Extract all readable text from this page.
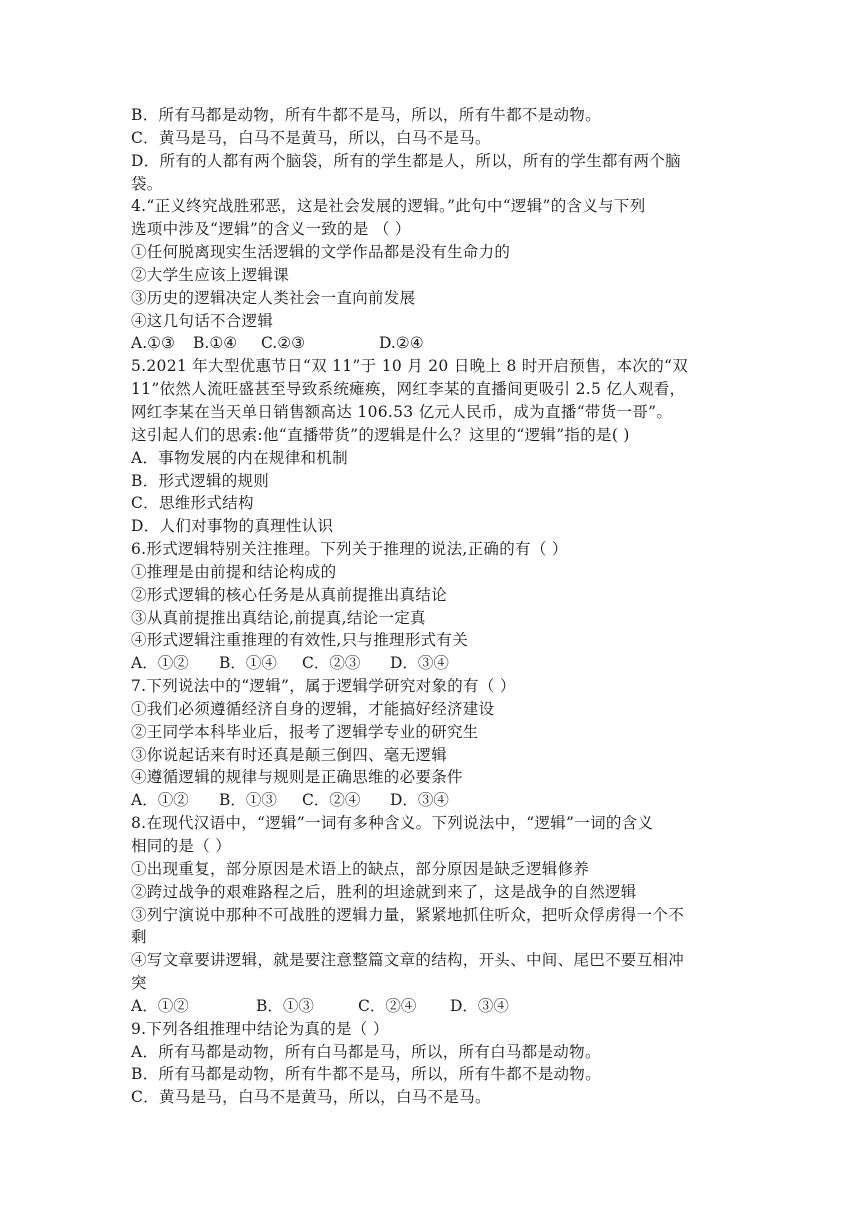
B．所有马都是动物，所有牛都不是马，所以，所有牛都不是动物。
C．黄马是马，白马不是黄马，所以，白马不是马。
D．所有的人都有两个脑袋，所有的学生都是人，所以，所有的学生都有两个脑
袋。
4.“正义终究战胜邪恶，这是社会发展的逻辑。”此句中“逻辑”的含义与下列
选项中涉及“逻辑”的含义一致的是 （ ）
①任何脱离现实生活逻辑的文学作品都是没有生命力的
②大学生应该上逻辑课
③历史的逻辑决定人类社会一直向前发展
④这几句话不合逻辑
A.①③	B.①④	C.②③	D.②④
5.2021 年大型优惠节日“双 11”于 10 月 20 日晚上 8 时开启预售，本次的“双
11”依然人流旺盛甚至导致系统瘫痪，网红李某的直播间更吸引 2.5 亿人观看，
网红李某在当天单日销售额高达 106.53 亿元人民币，成为直播“带货一哥”。
这引起人们的思索:他“直播带货”的逻辑是什么？这里的“逻辑”指的是( )
A．事物发展的内在规律和机制
B．形式逻辑的规则
C．思维形式结构
D．人们对事物的真理性认识
6.形式逻辑特别关注推理。下列关于推理的说法,正确的有（ ）
①推理是由前提和结论构成的
②形式逻辑的核心任务是从真前提推出真结论
③从真前提推出真结论,前提真,结论一定真
④形式逻辑注重推理的有效性,只与推理形式有关
A．①②	B．①④	C．②③	D．③④
7.下列说法中的“逻辑”，属于逻辑学研究对象的有（ ）
①我们必须遵循经济自身的逻辑，才能搞好经济建设
②王同学本科毕业后，报考了逻辑学专业的研究生
③你说起话来有时还真是颠三倒四、毫无逻辑
④遵循逻辑的规律与规则是正确思维的必要条件
A．①②	B．①③	C．②④	D．③④
8.在现代汉语中，“逻辑”一词有多种含义。下列说法中，“逻辑”一词的含义
相同的是（ ）
①出现重复，部分原因是术语上的缺点，部分原因是缺乏逻辑修养
②跨过战争的艰难路程之后，胜利的坦途就到来了，这是战争的自然逻辑
③列宁演说中那种不可战胜的逻辑力量，紧紧地抓住听众，把听众俘虏得一个不
剩
④写文章要讲逻辑，就是要注意整篇文章的结构，开头、中间、尾巴不要互相冲
突
A．①②	B．①③	C．②④	D．③④
9.下列各组推理中结论为真的是（ ）
A．所有马都是动物，所有白马都是马，所以，所有白马都是动物。
B．所有马都是动物，所有牛都不是马，所以，所有牛都不是动物。
C．黄马是马，白马不是黄马，所以，白马不是马。
